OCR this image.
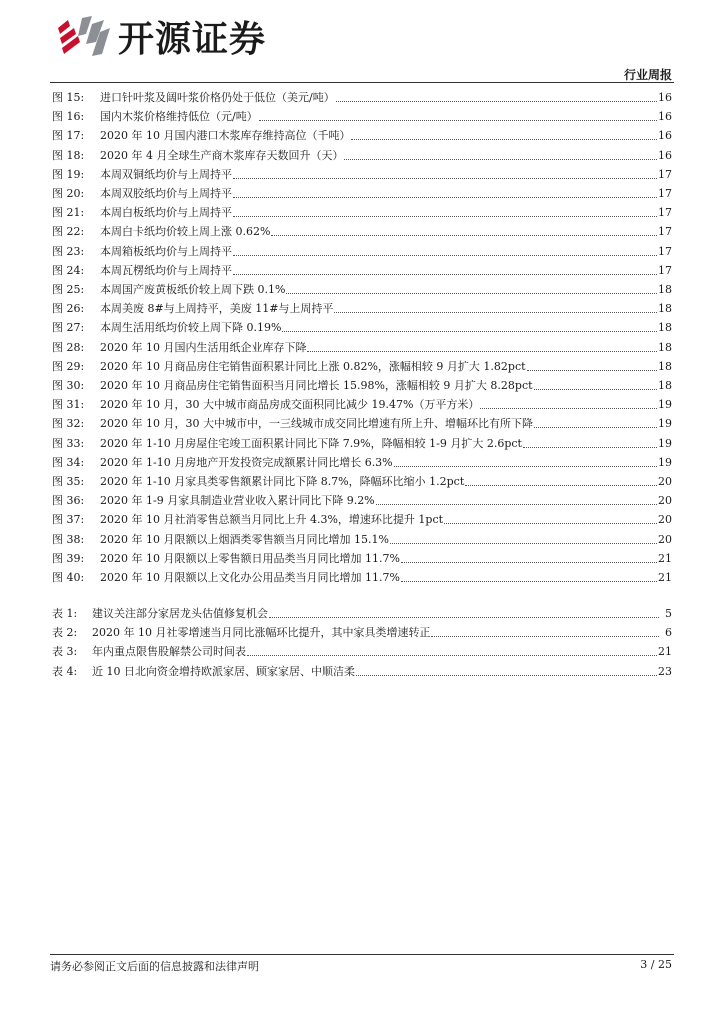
开源证券
行业周报
图 15:	进口针叶浆及阔叶浆价格仍处于低位（美元/吨）	16
图 16:	国内木浆价格维持低位（元/吨）	16
图 17:	2020 年 10 月国内港口木浆库存维持高位（千吨）	16
图 18:	2020 年 4 月全球生产商木浆库存天数回升（天）	16
图 19:	本周双铜纸均价与上周持平	17
图 20:	本周双胶纸均价与上周持平	17
图 21:	本周白板纸均价与上周持平	17
图 22:	本周白卡纸均价较上周上涨 0.62%	17
图 23:	本周箱板纸均价与上周持平	17
图 24:	本周瓦楞纸均价与上周持平	17
图 25:	本周国产废黄板纸价较上周下跌 0.1%	18
图 26:	本周美废 8#与上周持平，美废 11#与上周持平	18
图 27:	本周生活用纸均价较上周下降 0.19%	18
图 28:	2020 年 10 月国内生活用纸企业库存下降	18
图 29:	2020 年 10 月商品房住宅销售面积累计同比上涨 0.82%，涨幅相较 9 月扩大 1.82pct	18
图 30:	2020 年 10 月商品房住宅销售面积当月同比增长 15.98%，涨幅相较 9 月扩大 8.28pct	18
图 31:	2020 年 10 月，30 大中城市商品房成交面积同比减少 19.47%（万平方米）	19
图 32:	2020 年 10 月，30 大中城市中，一三线城市成交同比增速有所上升、增幅环比有所下降	19
图 33:	2020 年 1-10 月房屋住宅竣工面积累计同比下降 7.9%，降幅相较 1-9 月扩大 2.6pct	19
图 34:	2020 年 1-10 月房地产开发投资完成额累计同比增长 6.3%	19
图 35:	2020 年 1-10 月家具类零售额累计同比下降 8.7%，降幅环比缩小 1.2pct	20
图 36:	2020 年 1-9 月家具制造业营业收入累计同比下降 9.2%	20
图 37:	2020 年 10 月社消零售总额当月同比上升 4.3%，增速环比提升 1pct	20
图 38:	2020 年 10 月限额以上烟酒类零售额当月同比增加 15.1%	20
图 39:	2020 年 10 月限额以上零售额日用品类当月同比增加 11.7%	21
图 40:	2020 年 10 月限额以上文化办公用品类当月同比增加 11.7%	21
表 1:	建议关注部分家居龙头估值修复机会	5
表 2:	2020 年 10 月社零增速当月同比涨幅环比提升，其中家具类增速转正	6
表 3:	年内重点限售股解禁公司时间表	21
表 4:	近 10 日北向资金增持欧派家居、顾家家居、中顺洁柔	23
请务必参阅正文后面的信息披露和法律声明	3 / 25
